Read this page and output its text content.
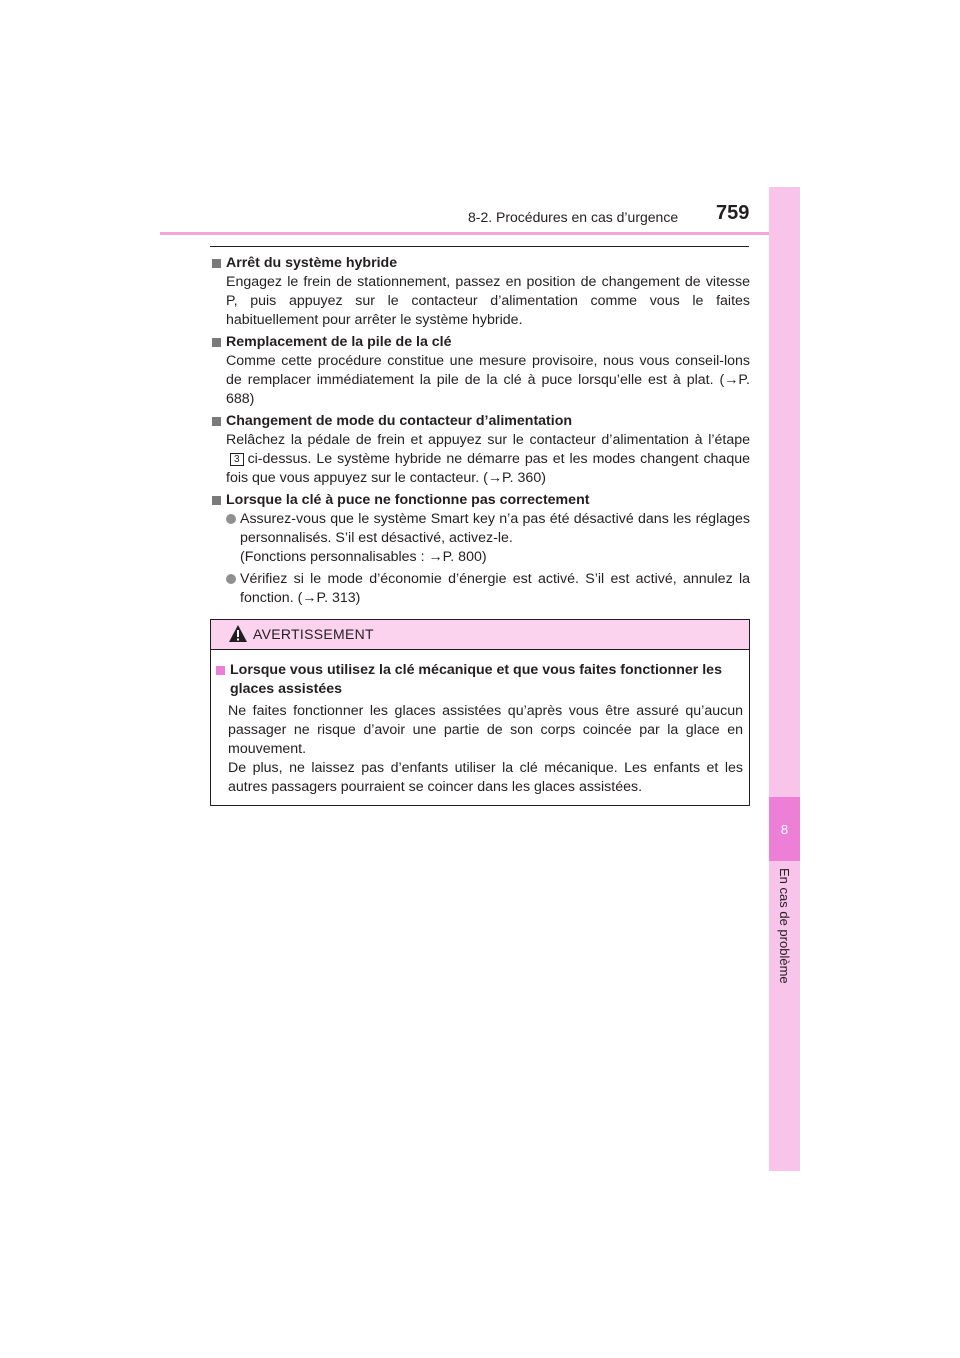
8-2. Procédures en cas d’urgence 759
8
En cas de problème
Arrêt du système hybride

Engagez le frein de stationnement, passez en position de changement de vitesse P, puis appuyez sur le contacteur d’alimentation comme vous le faites habituellement pour arrêter le système hybride.

Remplacement de la pile de la clé

Comme cette procédure constitue une mesure provisoire, nous vous conseil-lons de remplacer immédiatement la pile de la clé à puce lorsqu’elle est à plat. (→P. 688)

Changement de mode du contacteur d’alimentation

Relâchez la pédale de frein et appuyez sur le contacteur d’alimentation à l’étape3 ci-dessus. Le système hybride ne démarre pas et les modes changent chaque fois que vous appuyez sur le contacteur. (→P. 360)

Lorsque la clé à puce ne fonctionne pas correctement

Assurez-vous que le système Smart key n’a pas été désactivé dans les réglages personnalisés. S’il est désactivé, activez-le.

(Fonctions personnalisables : →P. 800)

Vérifiez si le mode d’économie d’énergie est activé. S’il est activé, annulez la fonction. (→P. 313)

AVERTISSEMENT
Lorsque vous utilisez la clé mécanique et que vous faites fonctionner les glaces assistées

Ne faites fonctionner les glaces assistées qu’après vous être assuré qu’aucun passager ne risque d’avoir une partie de son corps coincée par la glace en mouvement.

De plus, ne laissez pas d’enfants utiliser la clé mécanique. Les enfants et les autres passagers pourraient se coincer dans les glaces assistées.
